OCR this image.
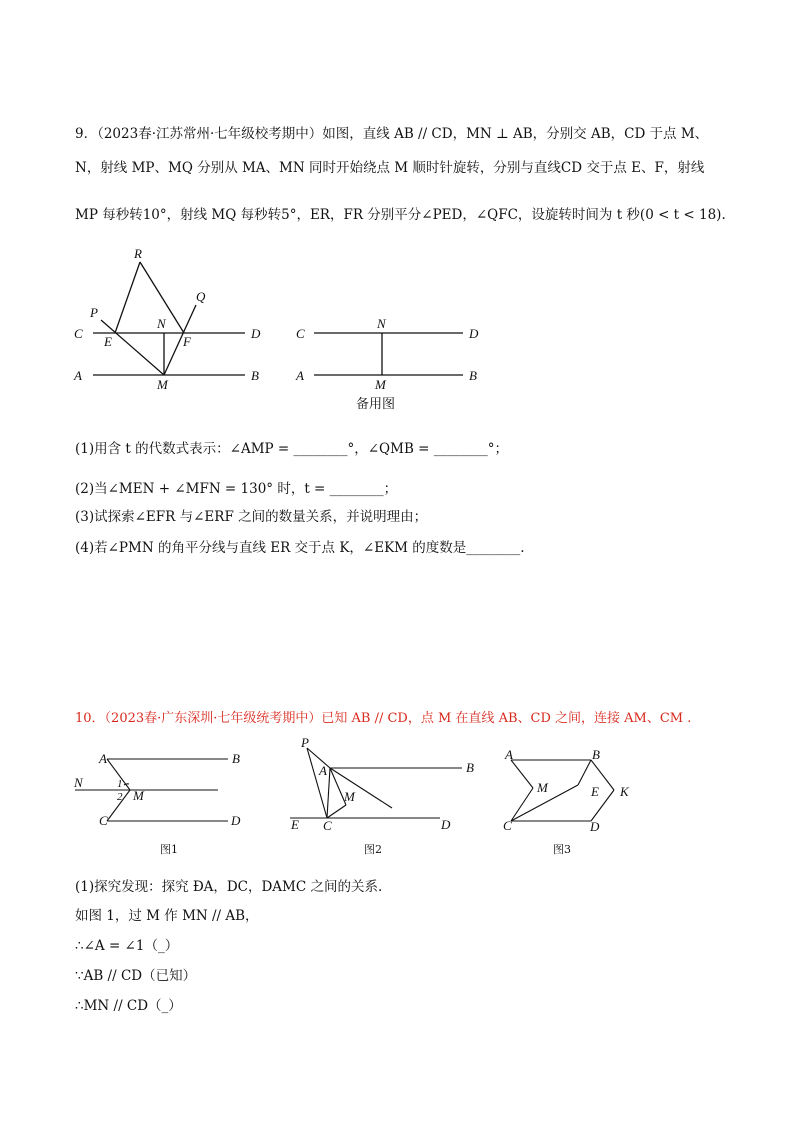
9．（2023春·江苏常州·七年级校考期中）如图，直线 AB // CD，MN ⊥ AB，分别交 AB，CD 于点 M、
N，射线 MP、MQ 分别从 MA、MN 同时开始绕点 M 顺时针旋转，分别与直线CD 交于点 E、F，射线
MP 每秒转10°，射线 MQ 每秒转5°，ER，FR 分别平分∠PED，∠QFC，设旋转时间为 t 秒(0 < t < 18).
R
P
Q
N
C	D
E	F
A	B
M
C
N
D
A
M
B
备用图
A	B
N	1
2 M
C	D
图1
P
A	B
M
E C	D
图2
A	B
M	E K
C	D
图3
(1)用含 t 的代数式表示：∠AMP = ________°，∠QMB = ________°；
(2)当∠MEN + ∠MFN = 130° 时，t = ________；
(3)试探索∠EFR 与∠ERF 之间的数量关系，并说明理由；
(4)若∠PMN 的角平分线与直线 ER 交于点 K，∠EKM 的度数是________.
10．（2023春·广东深圳·七年级统考期中）已知 AB // CD，点 M 在直线 AB、CD 之间，连接 AM、CM .
(1)探究发现：探究 ÐA，DC，DAMC 之间的关系.
如图 1，过 M 作 MN // AB，
∴∠A = ∠1（_）
∵AB // CD（已知）
∴MN // CD（_）
